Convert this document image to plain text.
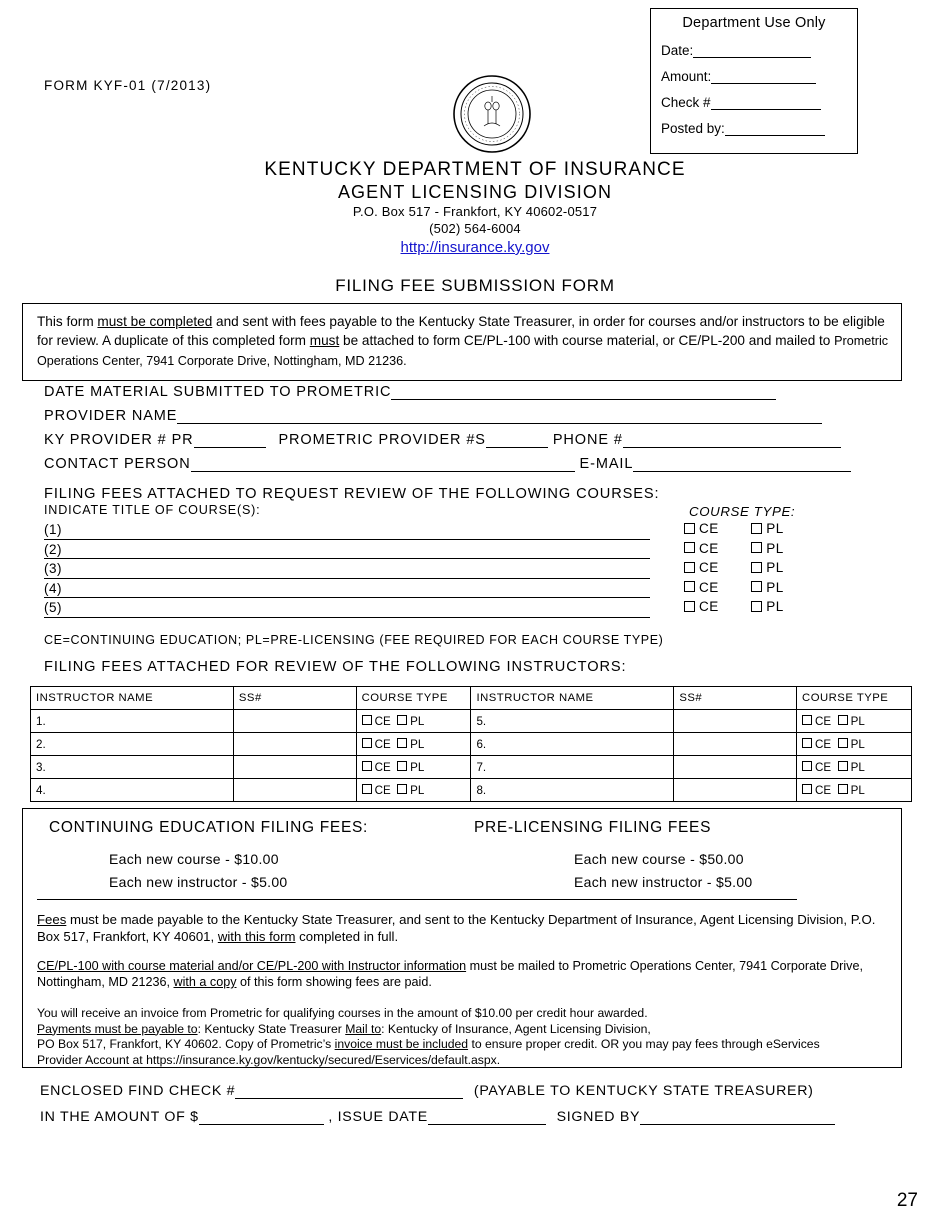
Department Use Only
Date:
Amount:
Check #
Posted by:
FORM KYF-01 (7/2013)

KENTUCKY DEPARTMENT OF INSURANCE
AGENT LICENSING DIVISION
P.O. Box 517 - Frankfort, KY 40602-0517
(502) 564-6004
http://insurance.ky.gov
FILING FEE SUBMISSION FORM
This form must be completed and sent with fees payable to the Kentucky State Treasurer, in order for courses and/or instructors to be eligible for review. A duplicate of this completed form must be attached to form CE/PL-100 with course material, or CE/PL-200 and mailed to Prometric Operations Center, 7941 Corporate Drive, Nottingham, MD 21236.
DATE MATERIAL SUBMITTED TO PROMETRIC
PROVIDER NAME
KY PROVIDER # PR	PROMETRIC PROVIDER #S	PHONE #
CONTACT PERSON	E-MAIL
FILING FEES ATTACHED TO REQUEST REVIEW OF THE FOLLOWING COURSES:
INDICATE TITLE OF COURSE(S):	COURSE TYPE:
(1)	CE	PL
(2)	CE	PL
(3)	CE	PL
(4)	CE	PL
(5)	CE	PL
CE=CONTINUING EDUCATION; PL=PRE-LICENSING (FEE REQUIRED FOR EACH COURSE TYPE)
FILING FEES ATTACHED FOR REVIEW OF THE FOLLOWING INSTRUCTORS:
INSTRUCTOR NAME	SS#	COURSE TYPE	INSTRUCTOR NAME	SS#	COURSE TYPE
1.		CE PL	5.		CE PL
2.		CE PL	6.		CE PL
3.		CE PL	7.		CE PL
4.		CE PL	8.		CE PL
CONTINUING EDUCATION FILING FEES:	PRE-LICENSING FILING FEES
Each new course - $10.00	Each new course - $50.00
Each new instructor - $5.00	Each new instructor - $5.00
Fees must be made payable to the Kentucky State Treasurer, and sent to the Kentucky Department of Insurance, Agent Licensing Division, P.O. Box 517, Frankfort, KY 40601, with this form completed in full.
CE/PL-100 with course material and/or CE/PL-200 with Instructor information must be mailed to Prometric Operations Center, 7941 Corporate Drive, Nottingham, MD 21236, with a copy of this form showing fees are paid.
You will receive an invoice from Prometric for qualifying courses in the amount of $10.00 per credit hour awarded.
Payments must be payable to: Kentucky State Treasurer Mail to: Kentucky of Insurance, Agent Licensing Division,
PO Box 517, Frankfort, KY 40602. Copy of Prometric’s invoice must be included to ensure proper credit. OR you may pay fees through eServices
Provider Account at https://insurance.ky.gov/kentucky/secured/Eservices/default.aspx.
ENCLOSED FIND CHECK #	(PAYABLE TO KENTUCKY STATE TREASURER)
IN THE AMOUNT OF $	, ISSUE DATE	SIGNED BY
27
